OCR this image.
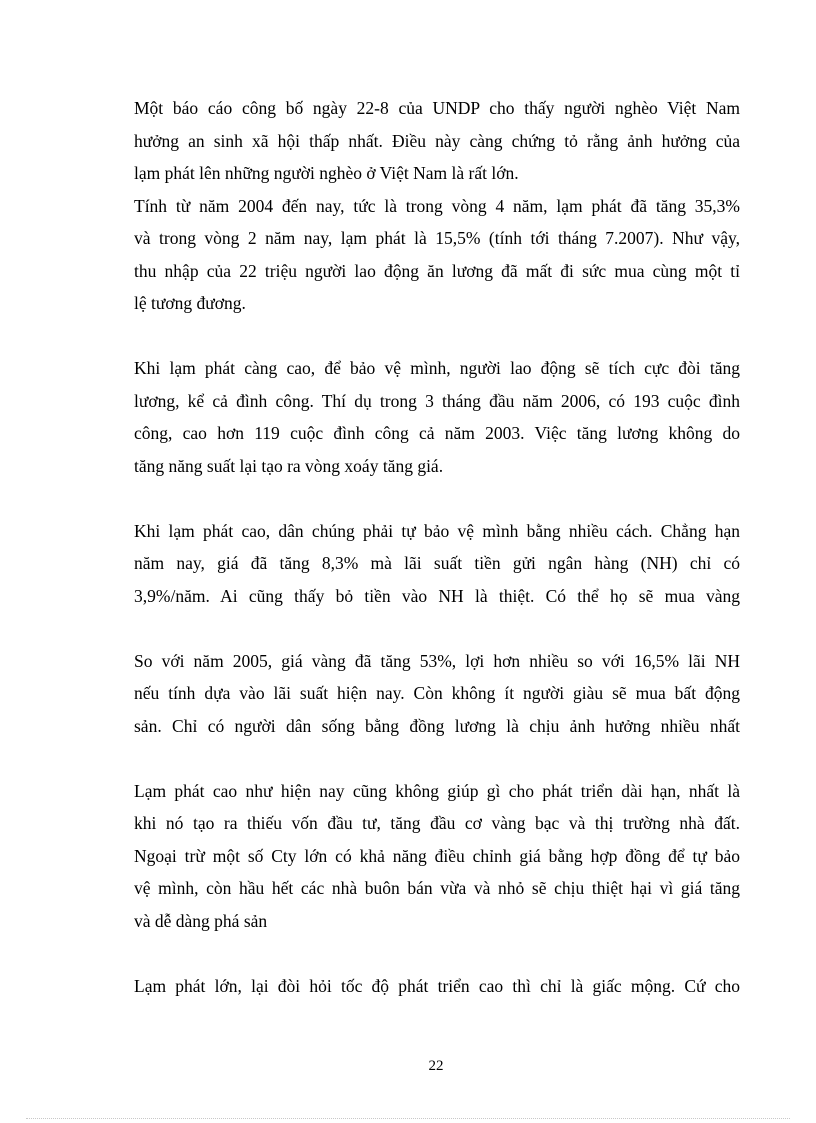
Một báo cáo công bố ngày 22-8 của UNDP cho thấy người nghèo Việt Nam
hưởng an sinh xã hội thấp nhất. Điều này càng chứng tỏ rằng ảnh hưởng của
lạm phát lên những người nghèo ở Việt Nam là rất lớn.
Tính từ năm 2004 đến nay, tức là trong vòng 4 năm, lạm phát đã tăng 35,3%
và trong vòng 2 năm nay, lạm phát là 15,5% (tính tới tháng 7.2007). Như vậy,
thu nhập của 22 triệu người lao động ăn lương đã mất đi sức mua cùng một tỉ
lệ tương đương.
Khi lạm phát càng cao, để bảo vệ mình, người lao động sẽ tích cực đòi tăng
lương, kể cả đình công. Thí dụ trong 3 tháng đầu năm 2006, có 193 cuộc đình
công, cao hơn 119 cuộc đình công cả năm 2003. Việc tăng lương không do
tăng năng suất lại tạo ra vòng xoáy tăng giá.
Khi lạm phát cao, dân chúng phải tự bảo vệ mình bằng nhiều cách. Chẳng hạn
năm nay, giá đã tăng 8,3% mà lãi suất tiền gửi ngân hàng (NH) chỉ có
3,9%/năm. Ai cũng thấy bỏ tiền vào NH là thiệt. Có thể họ sẽ mua vàng
So với năm 2005, giá vàng đã tăng 53%, lợi hơn nhiều so với 16,5% lãi NH
nếu tính dựa vào lãi suất hiện nay. Còn không ít người giàu sẽ mua bất động
sản. Chỉ có người dân sống bằng đồng lương là chịu ảnh hưởng nhiều nhất
Lạm phát cao như hiện nay cũng không giúp gì cho phát triển dài hạn, nhất là
khi nó tạo ra thiếu vốn đầu tư, tăng đầu cơ vàng bạc và thị trường nhà đất.
Ngoại trừ một số Cty lớn có khả năng điều chỉnh giá bằng hợp đồng để tự bảo
vệ mình, còn hầu hết các nhà buôn bán vừa và nhỏ sẽ chịu thiệt hại vì giá tăng
và dễ dàng phá sản
Lạm phát lớn, lại đòi hỏi tốc độ phát triển cao thì chỉ là giấc mộng. Cứ cho
22
